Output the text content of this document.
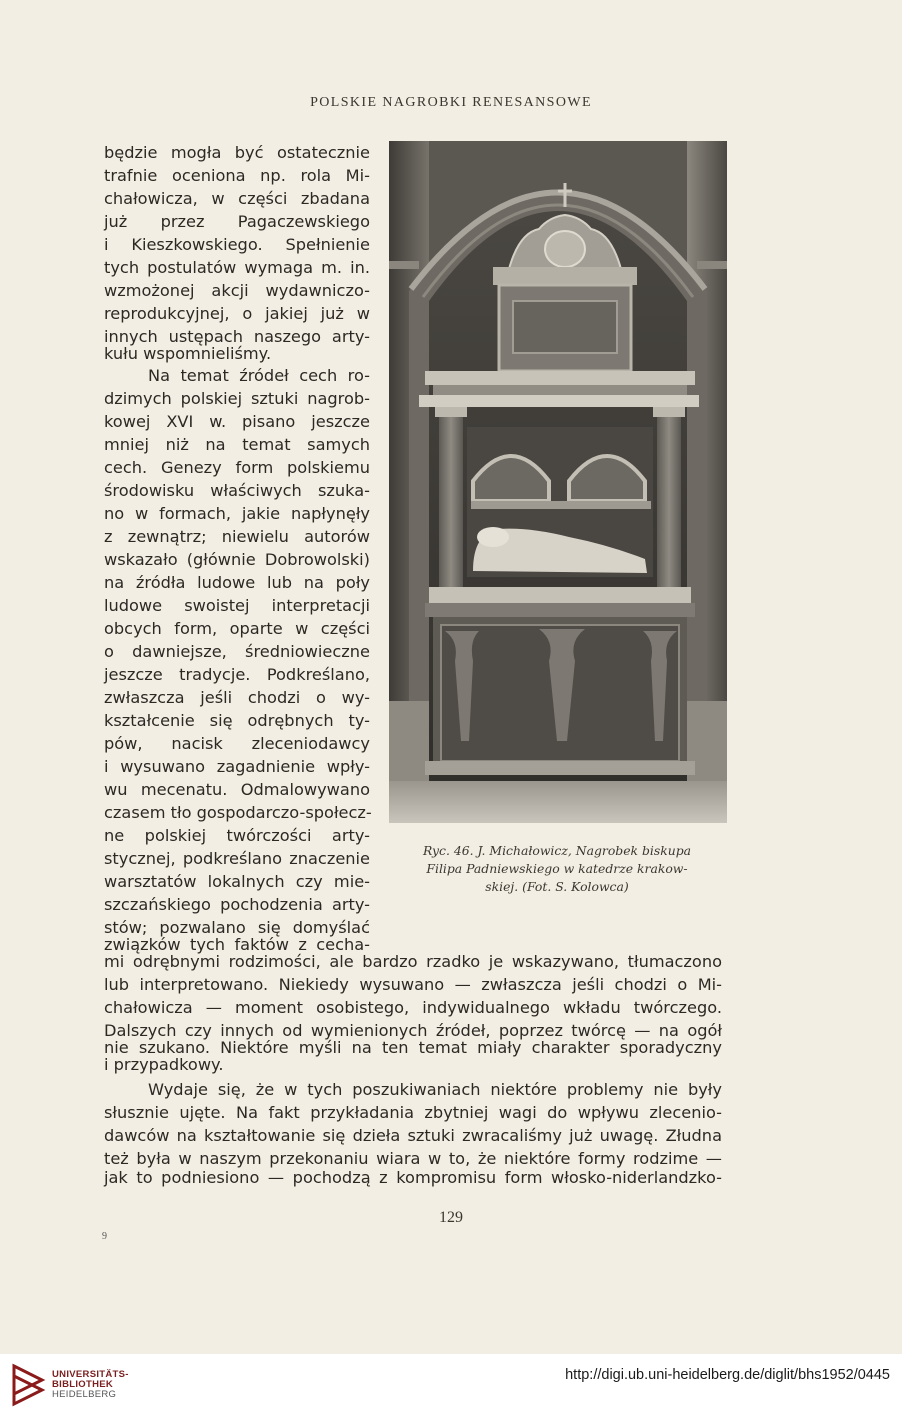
POLSKIE NAGROBKI RENESANSOWE
będzie mogła być ostatecznie
trafnie oceniona np. rola Mi-
chałowicza, w części zbadana
już przez Pagaczewskiego
i Kieszkowskiego. Spełnienie
tych postulatów wymaga m. in.
wzmożonej akcji wydawniczo-
reprodukcyjnej, o jakiej już w
innych ustępach naszego arty-
kułu wspomnieliśmy.
Na temat źródeł cech ro-
dzimych polskiej sztuki nagrob-
kowej XVI w. pisano jeszcze
mniej niż na temat samych
cech. Genezy form polskiemu
środowisku właściwych szuka-
no w formach, jakie napłynęły
z zewnątrz; niewielu autorów
wskazało (głównie Dobrowolski)
na źródła ludowe lub na poły
ludowe swoistej interpretacji
obcych form, oparte w części
o dawniejsze, średniowieczne
jeszcze tradycje. Podkreślano,
zwłaszcza jeśli chodzi o wy-
kształcenie się odrębnych ty-
pów, nacisk zleceniodawcy
i wysuwano zagadnienie wpły-
wu mecenatu. Odmalowywano
czasem tło gospodarczo-społecz-
ne polskiej twórczości arty-
stycznej, podkreślano znaczenie
warsztatów lokalnych czy mie-
szczańskiego pochodzenia arty-
stów; pozwalano się domyślać
związków tych faktów z cecha-
mi odrębnymi rodzimości, ale bardzo rzadko je wskazywano, tłumaczono
lub interpretowano. Niekiedy wysuwano — zwłaszcza jeśli chodzi o Mi-
chałowicza — moment osobistego, indywidualnego wkładu twórczego.
Dalszych czy innych od wymienionych źródeł, poprzez twórcę — na ogół
nie szukano. Niektóre myśli na ten temat miały charakter sporadyczny
i przypadkowy.
Wydaje się, że w tych poszukiwaniach niektóre problemy nie były
słusznie ujęte. Na fakt przykładania zbytniej wagi do wpływu zlecenio-
dawców na kształtowanie się dzieła sztuki zwracaliśmy już uwagę. Złudna
też była w naszym przekonaniu wiara w to, że niektóre formy rodzime —
jak to podniesiono — pochodzą z kompromisu form włosko-niderlandzko-
Ryc. 46. J. Michałowicz, Nagrobek biskupa
Filipa Padniewskiego w katedrze krakow-
skiej. (Fot. S. Kolowca)
129
9
UNIVERSITÄTS-
BIBLIOTHEK
HEIDELBERG
http://digi.ub.uni-heidelberg.de/diglit/bhs1952/0445
